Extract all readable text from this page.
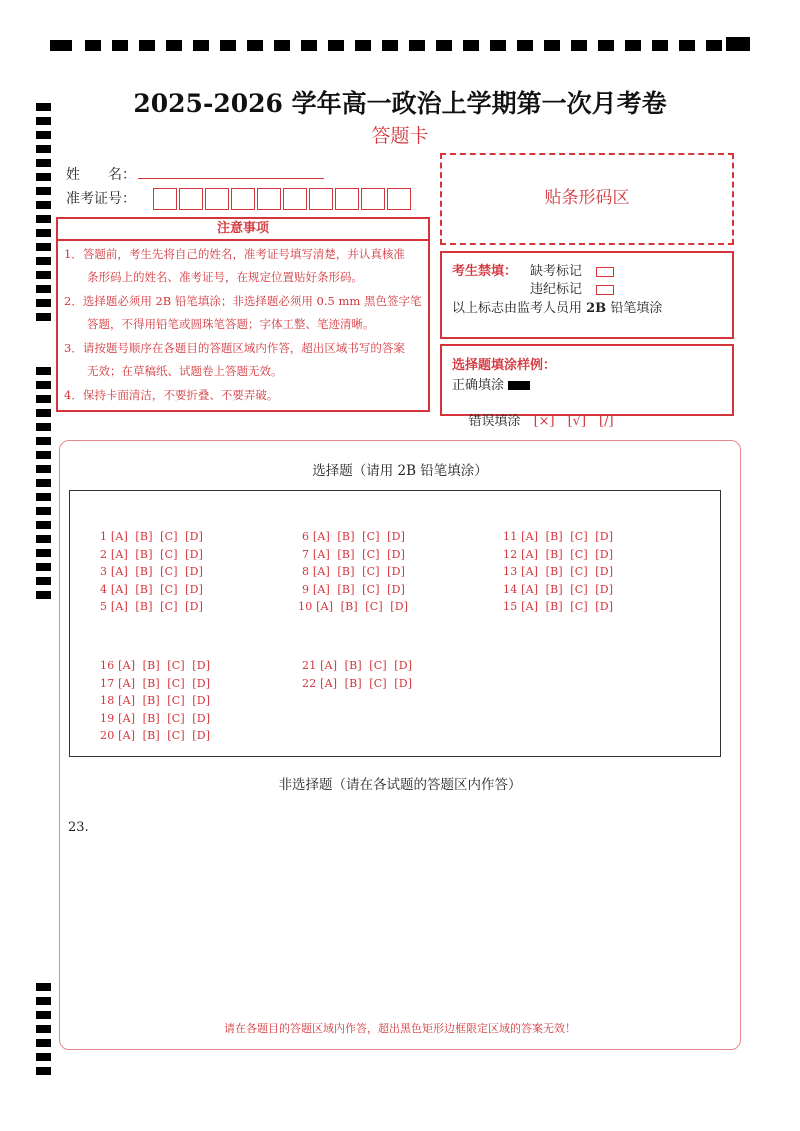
2025-2026 学年高一政治上学期第一次月考卷
答题卡
姓　　名：
准考证号：
注意事项
1．答题前，考生先将自己的姓名，准考证号填写清楚，并认真核准
　　条形码上的姓名、准考证号，在规定位置贴好条形码。
2．选择题必须用 2B 铅笔填涂；非选择题必须用 0.5 mm 黑色签字笔
　　答题，不得用铅笔或圆珠笔答题；字体工整、笔迹清晰。
3．请按题号顺序在各题目的答题区域内作答，超出区域书写的答案
　　无效；在草稿纸、试题卷上答题无效。
4．保持卡面清洁，不要折叠、不要弄破。
贴条形码区
考生禁填： 缺考标记
违纪标记
以上标志由监考人员用 2B 铅笔填涂
选择题填涂样例：
正确填涂

错误填涂　 [×]　[√]　[/]

选择题（请用 2B 铅笔填涂）
1 [A]  [B]  [C]  [D]
2 [A]  [B]  [C]  [D]
3 [A]  [B]  [C]  [D]
4 [A]  [B]  [C]  [D]
5 [A]  [B]  [C]  [D]
6 [A]  [B]  [C]  [D]
7 [A]  [B]  [C]  [D]
8 [A]  [B]  [C]  [D]
9 [A]  [B]  [C]  [D]
10 [A]  [B]  [C]  [D]
11 [A]  [B]  [C]  [D]
12 [A]  [B]  [C]  [D]
13 [A]  [B]  [C]  [D]
14 [A]  [B]  [C]  [D]
15 [A]  [B]  [C]  [D]
16 [A]  [B]  [C]  [D]
17 [A]  [B]  [C]  [D]
18 [A]  [B]  [C]  [D]
19 [A]  [B]  [C]  [D]
20 [A]  [B]  [C]  [D]
21 [A]  [B]  [C]  [D]
22 [A]  [B]  [C]  [D]
非选择题（请在各试题的答题区内作答）
23.
请在各题目的答题区域内作答，超出黑色矩形边框限定区域的答案无效！
